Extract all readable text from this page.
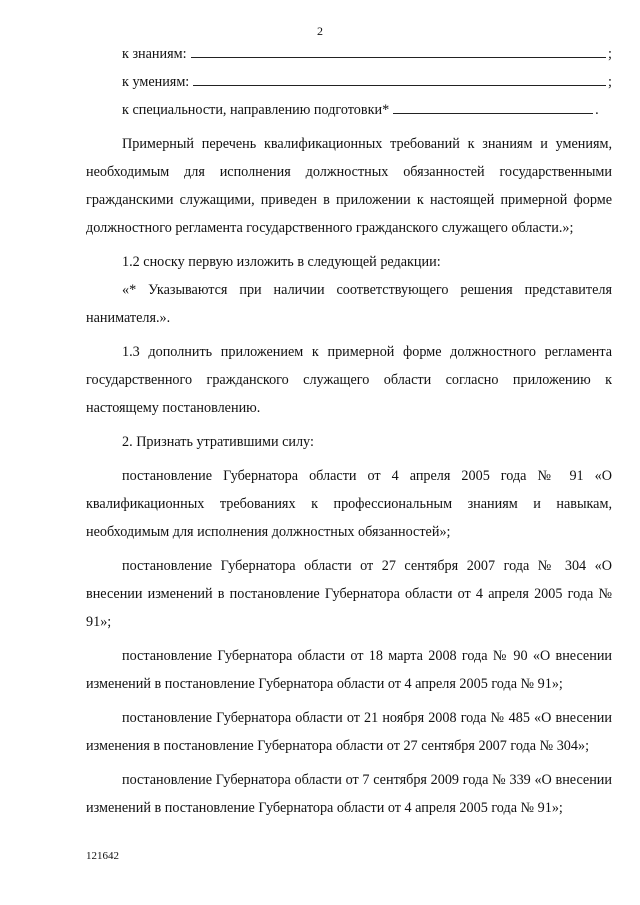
2
к знаниям:	;
к умениям:	;
к специальности, направлению подготовки*	.

Примерный перечень квалификационных требований к знаниям и умениям, необходимым для исполнения должностных обязанностей государственными гражданскими служащими, приведен в приложении к настоящей примерной форме должностного регламента государственного гражданского служащего области.»;

1.2 сноску первую изложить в следующей редакции:

«* Указываются при наличии соответствующего решения представителя нанимателя.».

1.3 дополнить приложением к примерной форме должностного регламента государственного гражданского служащего области согласно приложению к настоящему постановлению.

2. Признать утратившими силу:

постановление Губернатора области от 4 апреля 2005 года № 91 «О квалификационных требованиях к профессиональным знаниям и навыкам, необходимым для исполнения должностных обязанностей»;

постановление Губернатора области от 27 сентября 2007 года № 304 «О внесении изменений в постановление Губернатора области от 4 апреля 2005 года № 91»;

постановление Губернатора области от 18 марта 2008 года № 90 «О внесении изменений в постановление Губернатора области от 4 апреля 2005 года № 91»;

постановление Губернатора области от 21 ноября 2008 года № 485 «О внесении изменения в постановление Губернатора области от 27 сентября 2007 года № 304»;

постановление Губернатора области от 7 сентября 2009 года № 339 «О внесении изменений в постановление Губернатора области от 4 апреля 2005 года № 91»;

121642
